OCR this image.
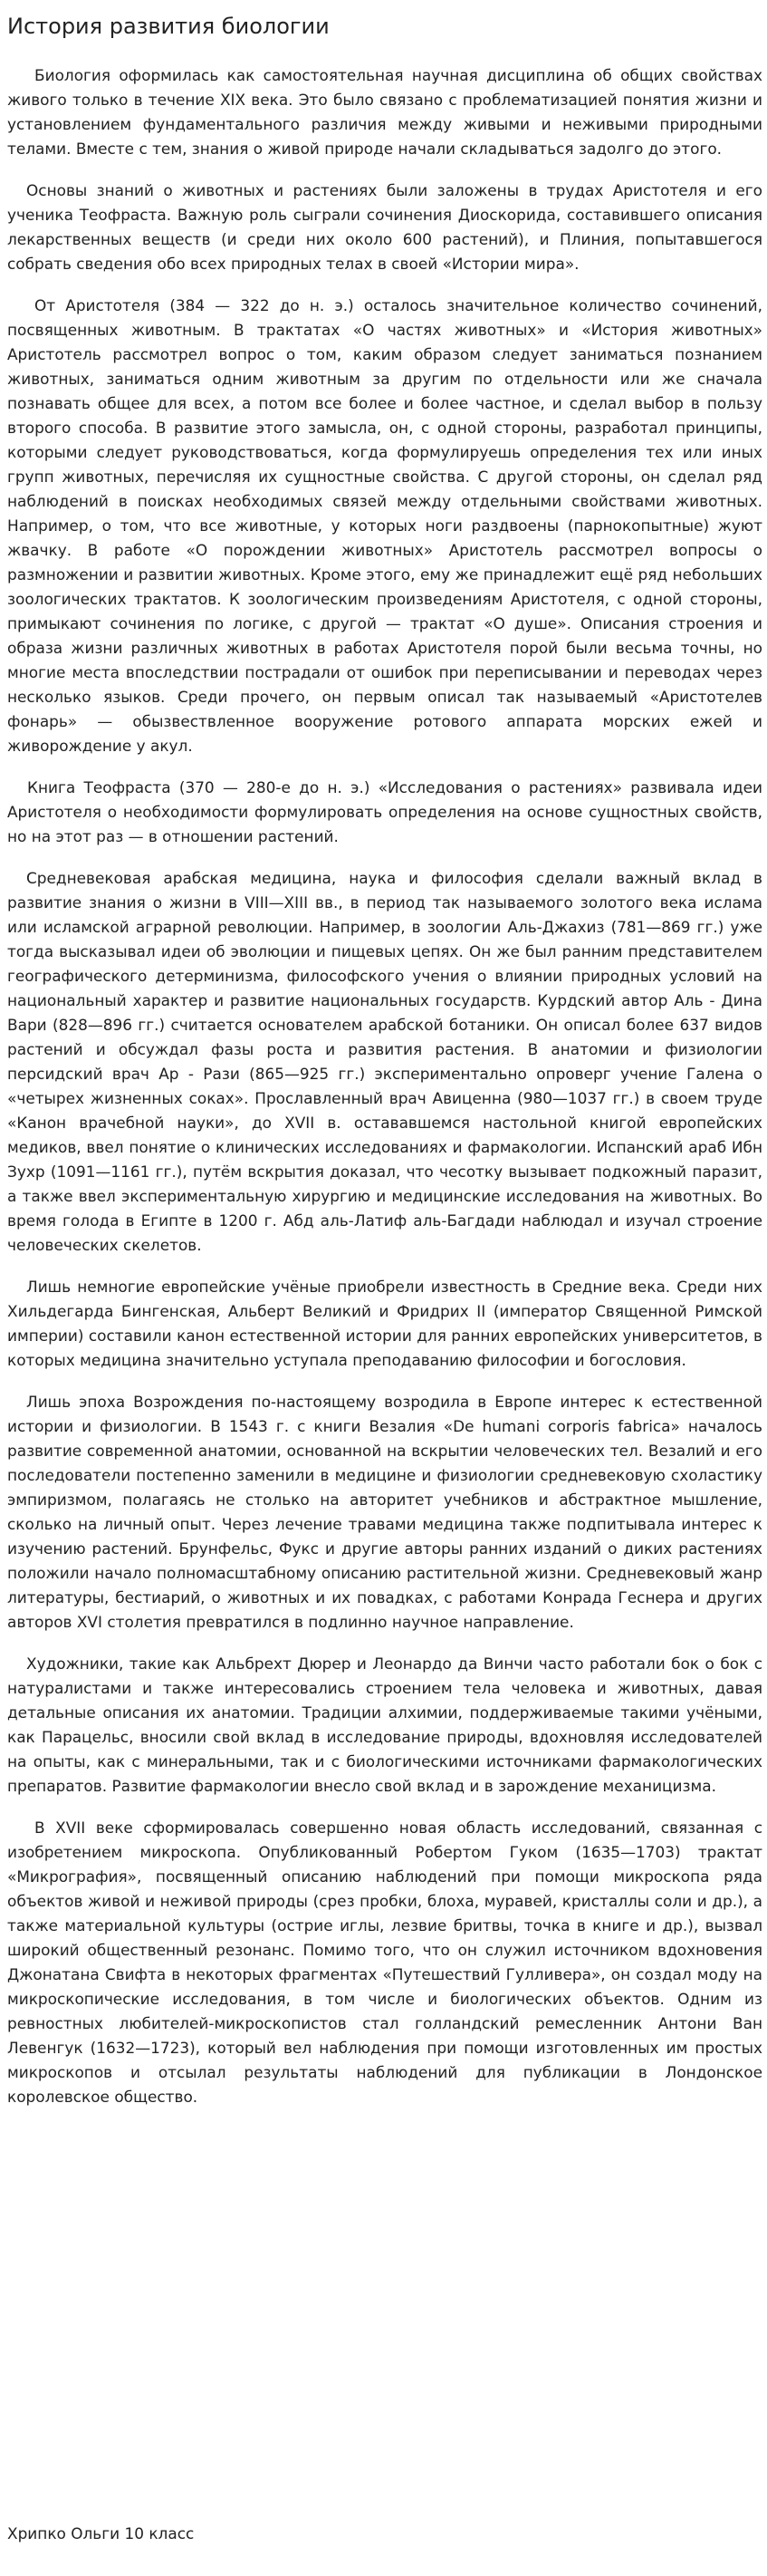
История развития биологии

Биология оформилась как самостоятельная научная дисциплина об общих свойствах живого только в течение XIX века. Это было связано с проблематизацией понятия жизни и установлением фундаментального различия между живыми и неживыми природными телами. Вместе с тем, знания о живой природе начали складываться задолго до этого.

Основы знаний о животных и растениях были заложены в трудах Аристотеля и его ученика Теофраста. Важную роль сыграли сочинения Диоскорида, составившего описания лекарственных веществ (и среди них около 600 растений), и Плиния, попытавшегося собрать сведения обо всех природных телах в своей «Истории мира».

От Аристотеля (384 — 322 до н. э.) осталось значительное количество сочинений, посвященных животным. В трактатах «О частях животных» и «История животных» Аристотель рассмотрел вопрос о том, каким образом следует заниматься познанием животных, заниматься одним животным за другим по отдельности или же сначала познавать общее для всех, а потом все более и более частное, и сделал выбор в пользу второго способа. В развитие этого замысла, он, с одной стороны, разработал принципы, которыми следует руководствоваться, когда формулируешь определения тех или иных групп животных, перечисляя их сущностные свойства. С другой стороны, он сделал ряд наблюдений в поисках необходимых связей между отдельными свойствами животных. Например, о том, что все животные, у которых ноги раздвоены (парнокопытные) жуют жвачку. В работе «О порождении животных» Аристотель рассмотрел вопросы о размножении и развитии животных. Кроме этого, ему же принадлежит ещё ряд небольших зоологических трактатов. К зоологическим произведениям Аристотеля, с одной стороны, примыкают сочинения по логике, с другой — трактат «О душе». Описания строения и образа жизни различных животных в работах Аристотеля порой были весьма точны, но многие места впоследствии пострадали от ошибок при переписывании и переводах через несколько языков. Среди прочего, он первым описал так называемый «Аристотелев фонарь» — обызвествленное вооружение ротового аппарата морских ежей и живорождение у акул.

Книга Теофраста (370 — 280-е до н. э.) «Исследования о растениях» развивала идеи Аристотеля о необходимости формулировать определения на основе сущностных свойств, но на этот раз — в отношении растений.

Средневековая арабская медицина, наука и философия сделали важный вклад в развитие знания о жизни в VIII—XIII вв., в период так называемого золотого века ислама или исламской аграрной революции. Например, в зоологии Аль-Джахиз (781—869 гг.) уже тогда высказывал идеи об эволюции и пищевых цепях. Он же был ранним представителем географического детерминизма, философского учения о влиянии природных условий на национальный характер и развитие национальных государств. Курдский автор Аль - Дина Вари (828—896 гг.) считается основателем арабской ботаники. Он описал более 637 видов растений и обсуждал фазы роста и развития растения. В анатомии и физиологии персидский врач Ар - Рази (865—925 гг.) экспериментально опроверг учение Галена о «четырех жизненных соках». Прославленный врач Авиценна (980—1037 гг.) в своем труде «Канон врачебной науки», до XVII в. остававшемся настольной книгой европейских медиков, ввел понятие о клинических исследованиях и фармакологии. Испанский араб Ибн Зухр (1091—1161 гг.), путём вскрытия доказал, что чесотку вызывает подкожный паразит, а также ввел экспериментальную хирургию и медицинские исследования на животных. Во время голода в Египте в 1200 г. Абд аль-Латиф аль-Багдади наблюдал и изучал строение человеческих скелетов.

Лишь немногие европейские учёные приобрели известность в Средние века. Среди них Хильдегарда Бингенская, Альберт Великий и Фридрих II (император Священной Римской империи) составили канон естественной истории для ранних европейских университетов, в которых медицина значительно уступала преподаванию философии и богословия.

Лишь эпоха Возрождения по-настоящему возродила в Европе интерес к естественной истории и физиологии. В 1543 г. с книги Везалия «De humani corporis fabrica» началось развитие современной анатомии, основанной на вскрытии человеческих тел. Везалий и его последователи постепенно заменили в медицине и физиологии средневековую схоластику эмпиризмом, полагаясь не столько на авторитет учебников и абстрактное мышление, сколько на личный опыт. Через лечение травами медицина также подпитывала интерес к изучению растений. Брунфельс, Фукс и другие авторы ранних изданий о диких растениях положили начало полномасштабному описанию растительной жизни. Средневековый жанр литературы, бестиарий, о животных и их повадках, с работами Конрада Геснера и других авторов XVI столетия превратился в подлинно научное направление.

Художники, такие как Альбрехт Дюрер и Леонардо да Винчи часто работали бок о бок с натуралистами и также интересовались строением тела человека и животных, давая детальные описания их анатомии. Традиции алхимии, поддерживаемые такими учёными, как Парацельс, вносили свой вклад в исследование природы, вдохновляя исследователей на опыты, как с минеральными, так и с биологическими источниками фармакологических препаратов. Развитие фармакологии внесло свой вклад и в зарождение механицизма.

В XVII веке сформировалась совершенно новая область исследований, связанная с изобретением микроскопа. Опубликованный Робертом Гуком (1635—1703) трактат «Микрография», посвященный описанию наблюдений при помощи микроскопа ряда объектов живой и неживой природы (срез пробки, блоха, муравей, кристаллы соли и др.), а также материальной культуры (острие иглы, лезвие бритвы, точка в книге и др.), вызвал широкий общественный резонанс. Помимо того, что он служил источником вдохновения Джонатана Свифта в некоторых фрагментах «Путешествий Гулливера», он создал моду на микроскопические исследования, в том числе и биологических объектов. Одним из ревностных любителей-микроскопистов стал голландский ремесленник Антони Ван Левенгук (1632—1723), который вел наблюдения при помощи изготовленных им простых микроскопов и отсылал результаты наблюдений для публикации в Лондонское королевское общество.

Хрипко Ольги 10 класс
